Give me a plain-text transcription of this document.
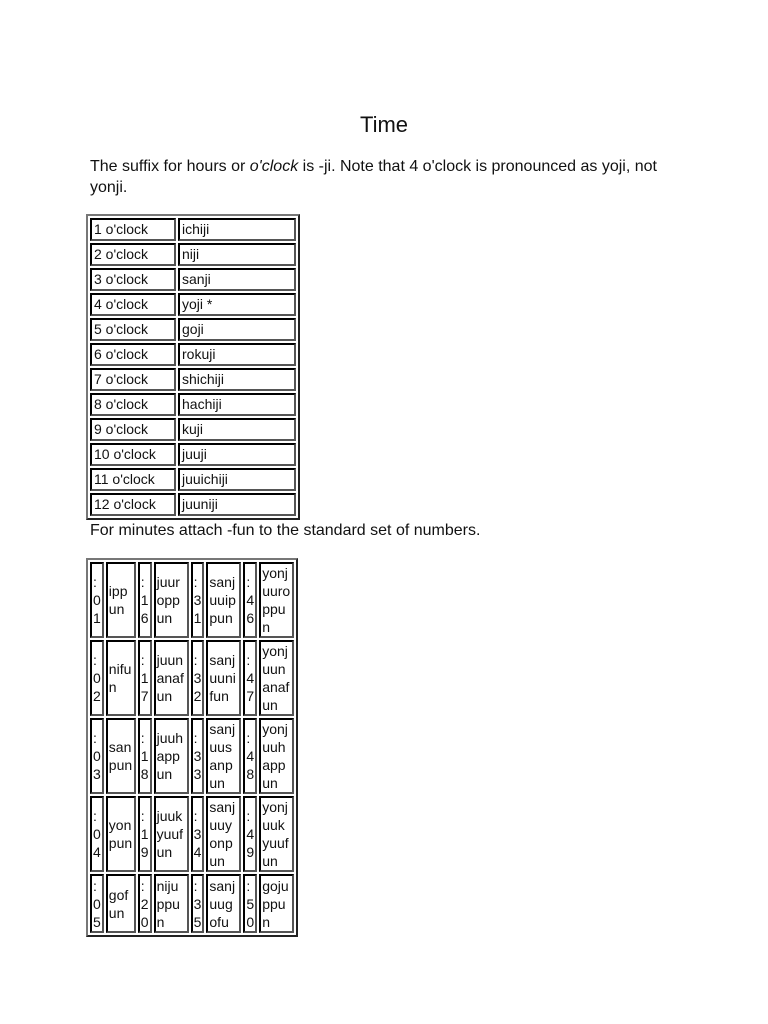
Time

The suffix for hours or o'clock is -ji. Note that 4 o'clock is pronounced as yoji, not yonji.

1 o'clock	ichiji
2 o'clock	niji
3 o'clock	sanji
4 o'clock	yoji *
5 o'clock	goji
6 o'clock	rokuji
7 o'clock	shichiji
8 o'clock	hachiji
9 o'clock	kuji
10 o'clock	juuji
11 o'clock	juuichiji
12 o'clock	juuniji

For minutes attach -fun to the standard set of numbers.

:01	ippun	:16	juuroppun	:31	sanjuuippun	:46	yonjuuroppun
:02	nifun	:17	juunanafun	:32	sanjuunifun	:47	yonjuunanafun
:03	sanpun	:18	juuhappun	:33	sanjuusanpun	:48	yonjuuhappun
:04	yonpun	:19	juukyuufun	:34	sanjuuyonpun	:49	yonjuukyuufun
:05	gofun	:20	nijuppun	:35	sanjuugofu	:50	gojuppun
